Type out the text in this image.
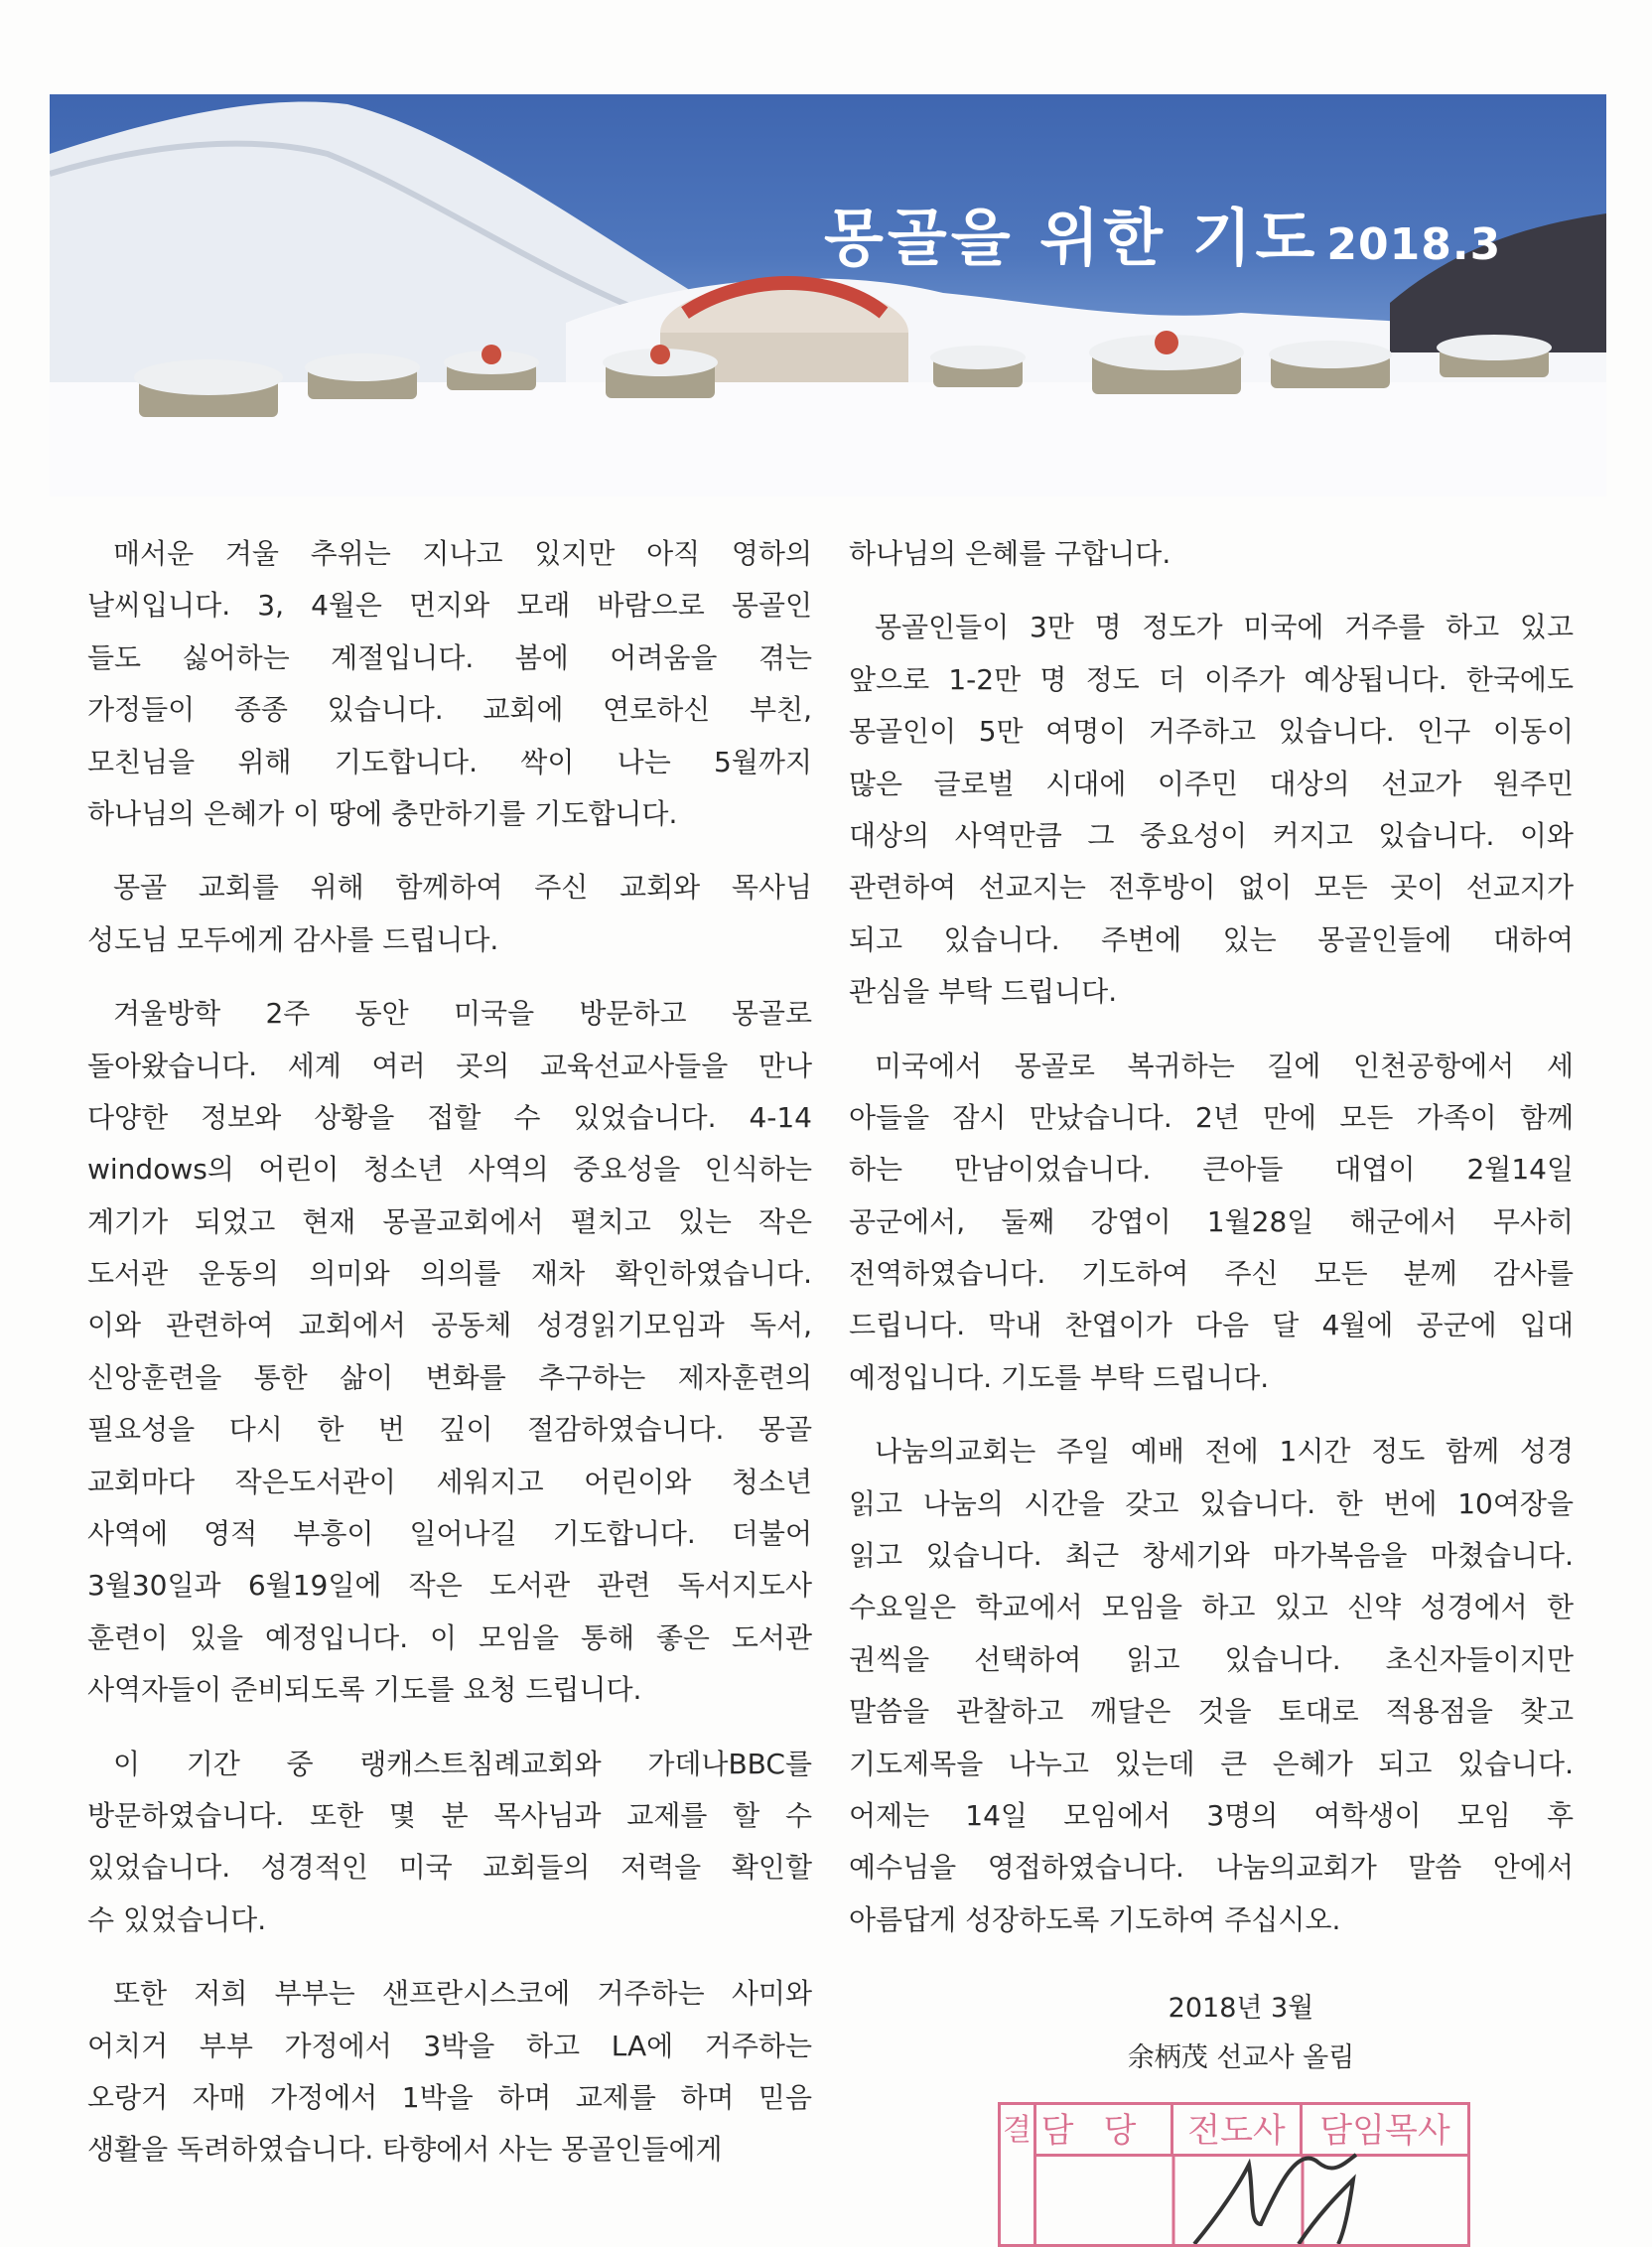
몽골을 위한 기도 2018.3
매서운 겨울 추위는 지나고 있지만 아직 영하의
날씨입니다. 3, 4월은 먼지와 모래 바람으로 몽골인
들도 싫어하는 계절입니다. 봄에 어려움을 겪는
가정들이 종종 있습니다. 교회에 연로하신 부친,
모친님을 위해 기도합니다. 싹이 나는 5월까지
하나님의 은혜가 이 땅에 충만하기를 기도합니다.
몽골 교회를 위해 함께하여 주신 교회와 목사님
성도님 모두에게 감사를 드립니다.
겨울방학 2주 동안 미국을 방문하고 몽골로
돌아왔습니다. 세계 여러 곳의 교육선교사들을 만나
다양한 정보와 상황을 접할 수 있었습니다. 4-14
windows의 어린이 청소년 사역의 중요성을 인식하는
계기가 되었고 현재 몽골교회에서 펼치고 있는 작은
도서관 운동의 의미와 의의를 재차 확인하였습니다.
이와 관련하여 교회에서 공동체 성경읽기모임과 독서,
신앙훈련을 통한 삶이 변화를 추구하는 제자훈련의
필요성을 다시 한 번 깊이 절감하였습니다. 몽골
교회마다 작은도서관이 세워지고 어린이와 청소년
사역에 영적 부흥이 일어나길 기도합니다. 더불어
3월30일과 6월19일에 작은 도서관 관련 독서지도사
훈련이 있을 예정입니다. 이 모임을 통해 좋은 도서관
사역자들이 준비되도록 기도를 요청 드립니다.
이 기간 중 랭캐스트침례교회와 가데나BBC를
방문하였습니다. 또한 몇 분 목사님과 교제를 할 수
있었습니다. 성경적인 미국 교회들의 저력을 확인할
수 있었습니다.
또한 저희 부부는 샌프란시스코에 거주하는 사미와
어치거 부부 가정에서 3박을 하고 LA에 거주하는
오랑거 자매 가정에서 1박을 하며 교제를 하며 믿음
생활을 독려하였습니다. 타향에서 사는 몽골인들에게
하나님의 은혜를 구합니다.
몽골인들이 3만 명 정도가 미국에 거주를 하고 있고
앞으로 1-2만 명 정도 더 이주가 예상됩니다. 한국에도
몽골인이 5만 여명이 거주하고 있습니다. 인구 이동이
많은 글로벌 시대에 이주민 대상의 선교가 원주민
대상의 사역만큼 그 중요성이 커지고 있습니다. 이와
관련하여 선교지는 전후방이 없이 모든 곳이 선교지가
되고 있습니다. 주변에 있는 몽골인들에 대하여
관심을 부탁 드립니다.
미국에서 몽골로 복귀하는 길에 인천공항에서 세
아들을 잠시 만났습니다. 2년 만에 모든 가족이 함께
하는 만남이었습니다. 큰아들 대엽이 2월14일
공군에서, 둘째 강엽이 1월28일 해군에서 무사히
전역하였습니다. 기도하여 주신 모든 분께 감사를
드립니다. 막내 찬엽이가 다음 달 4월에 공군에 입대
예정입니다. 기도를 부탁 드립니다.
나눔의교회는 주일 예배 전에 1시간 정도 함께 성경
읽고 나눔의 시간을 갖고 있습니다. 한 번에 10여장을
읽고 있습니다. 최근 창세기와 마가복음을 마쳤습니다.
수요일은 학교에서 모임을 하고 있고 신약 성경에서 한
권씩을 선택하여 읽고 있습니다. 초신자들이지만
말씀을 관찰하고 깨달은 것을 토대로 적용점을 찾고
기도제목을 나누고 있는데 큰 은혜가 되고 있습니다.
어제는 14일 모임에서 3명의 여학생이 모임 후
예수님을 영접하였습니다. 나눔의교회가 말씀 안에서
아름답게 성장하도록 기도하여 주십시오.
2018년 3월
余柄茂 선교사 올림
결 담당 전도사	담임목사
